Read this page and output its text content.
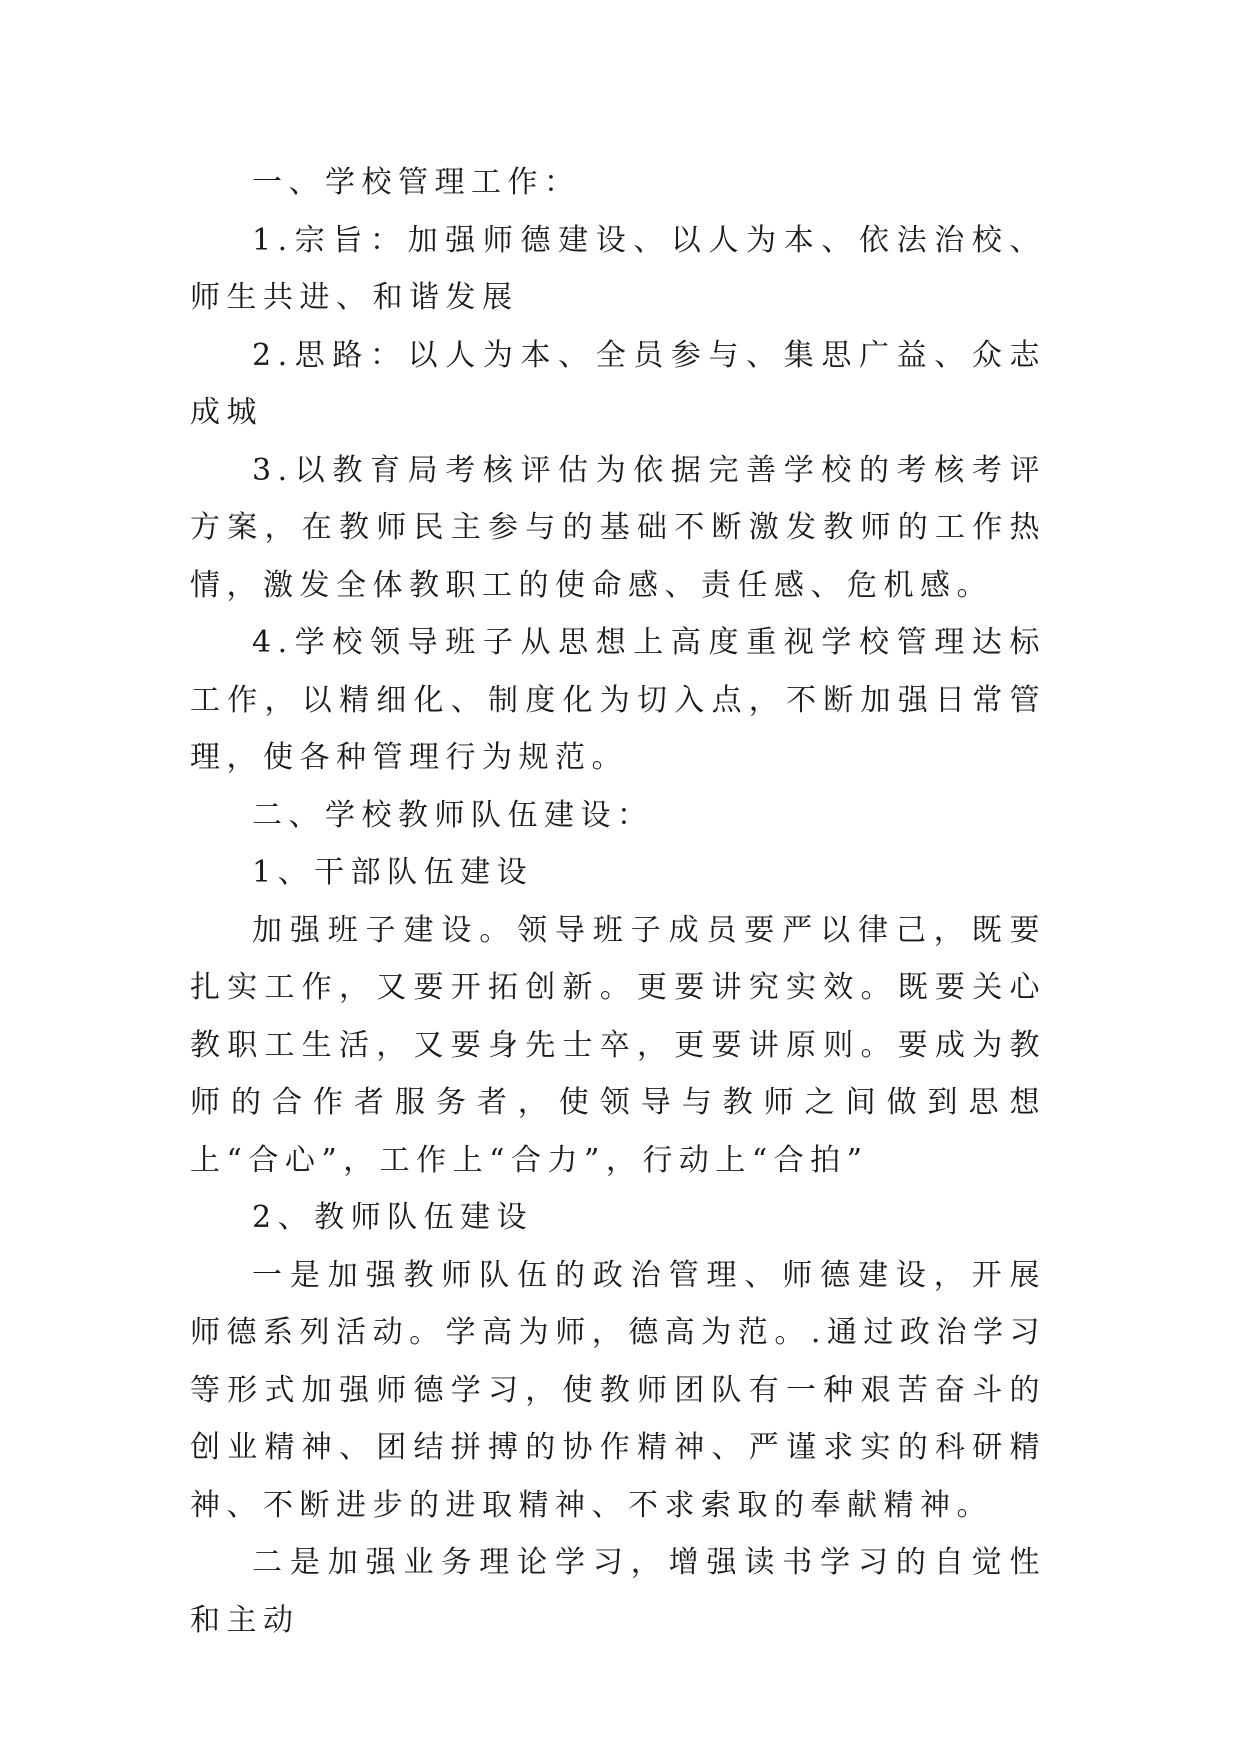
一、学校管理工作：

1.宗旨：加强师德建设、以人为本、依法治校、师生共进、和谐发展

2.思路：以人为本、全员参与、集思广益、众志成城

3.以教育局考核评估为依据完善学校的考核考评方案，在教师民主参与的基础不断激发教师的工作热情，激发全体教职工的使命感、责任感、危机感。

4.学校领导班子从思想上高度重视学校管理达标工作，以精细化、制度化为切入点，不断加强日常管理，使各种管理行为规范。

二、学校教师队伍建设：

1、干部队伍建设

加强班子建设。领导班子成员要严以律己，既要扎实工作，又要开拓创新。更要讲究实效。既要关心教职工生活，又要身先士卒，更要讲原则。要成为教师的合作者服务者，使领导与教师之间做到思想上“合心”，工作上“合力”，行动上“合拍”

2、教师队伍建设

一是加强教师队伍的政治管理、师德建设，开展师德系列活动。学高为师，德高为范。.通过政治学习等形式加强师德学习，使教师团队有一种艰苦奋斗的创业精神、团结拼搏的协作精神、严谨求实的科研精神、不断进步的进取精神、不求索取的奉献精神。

二是加强业务理论学习，增强读书学习的自觉性和主动
